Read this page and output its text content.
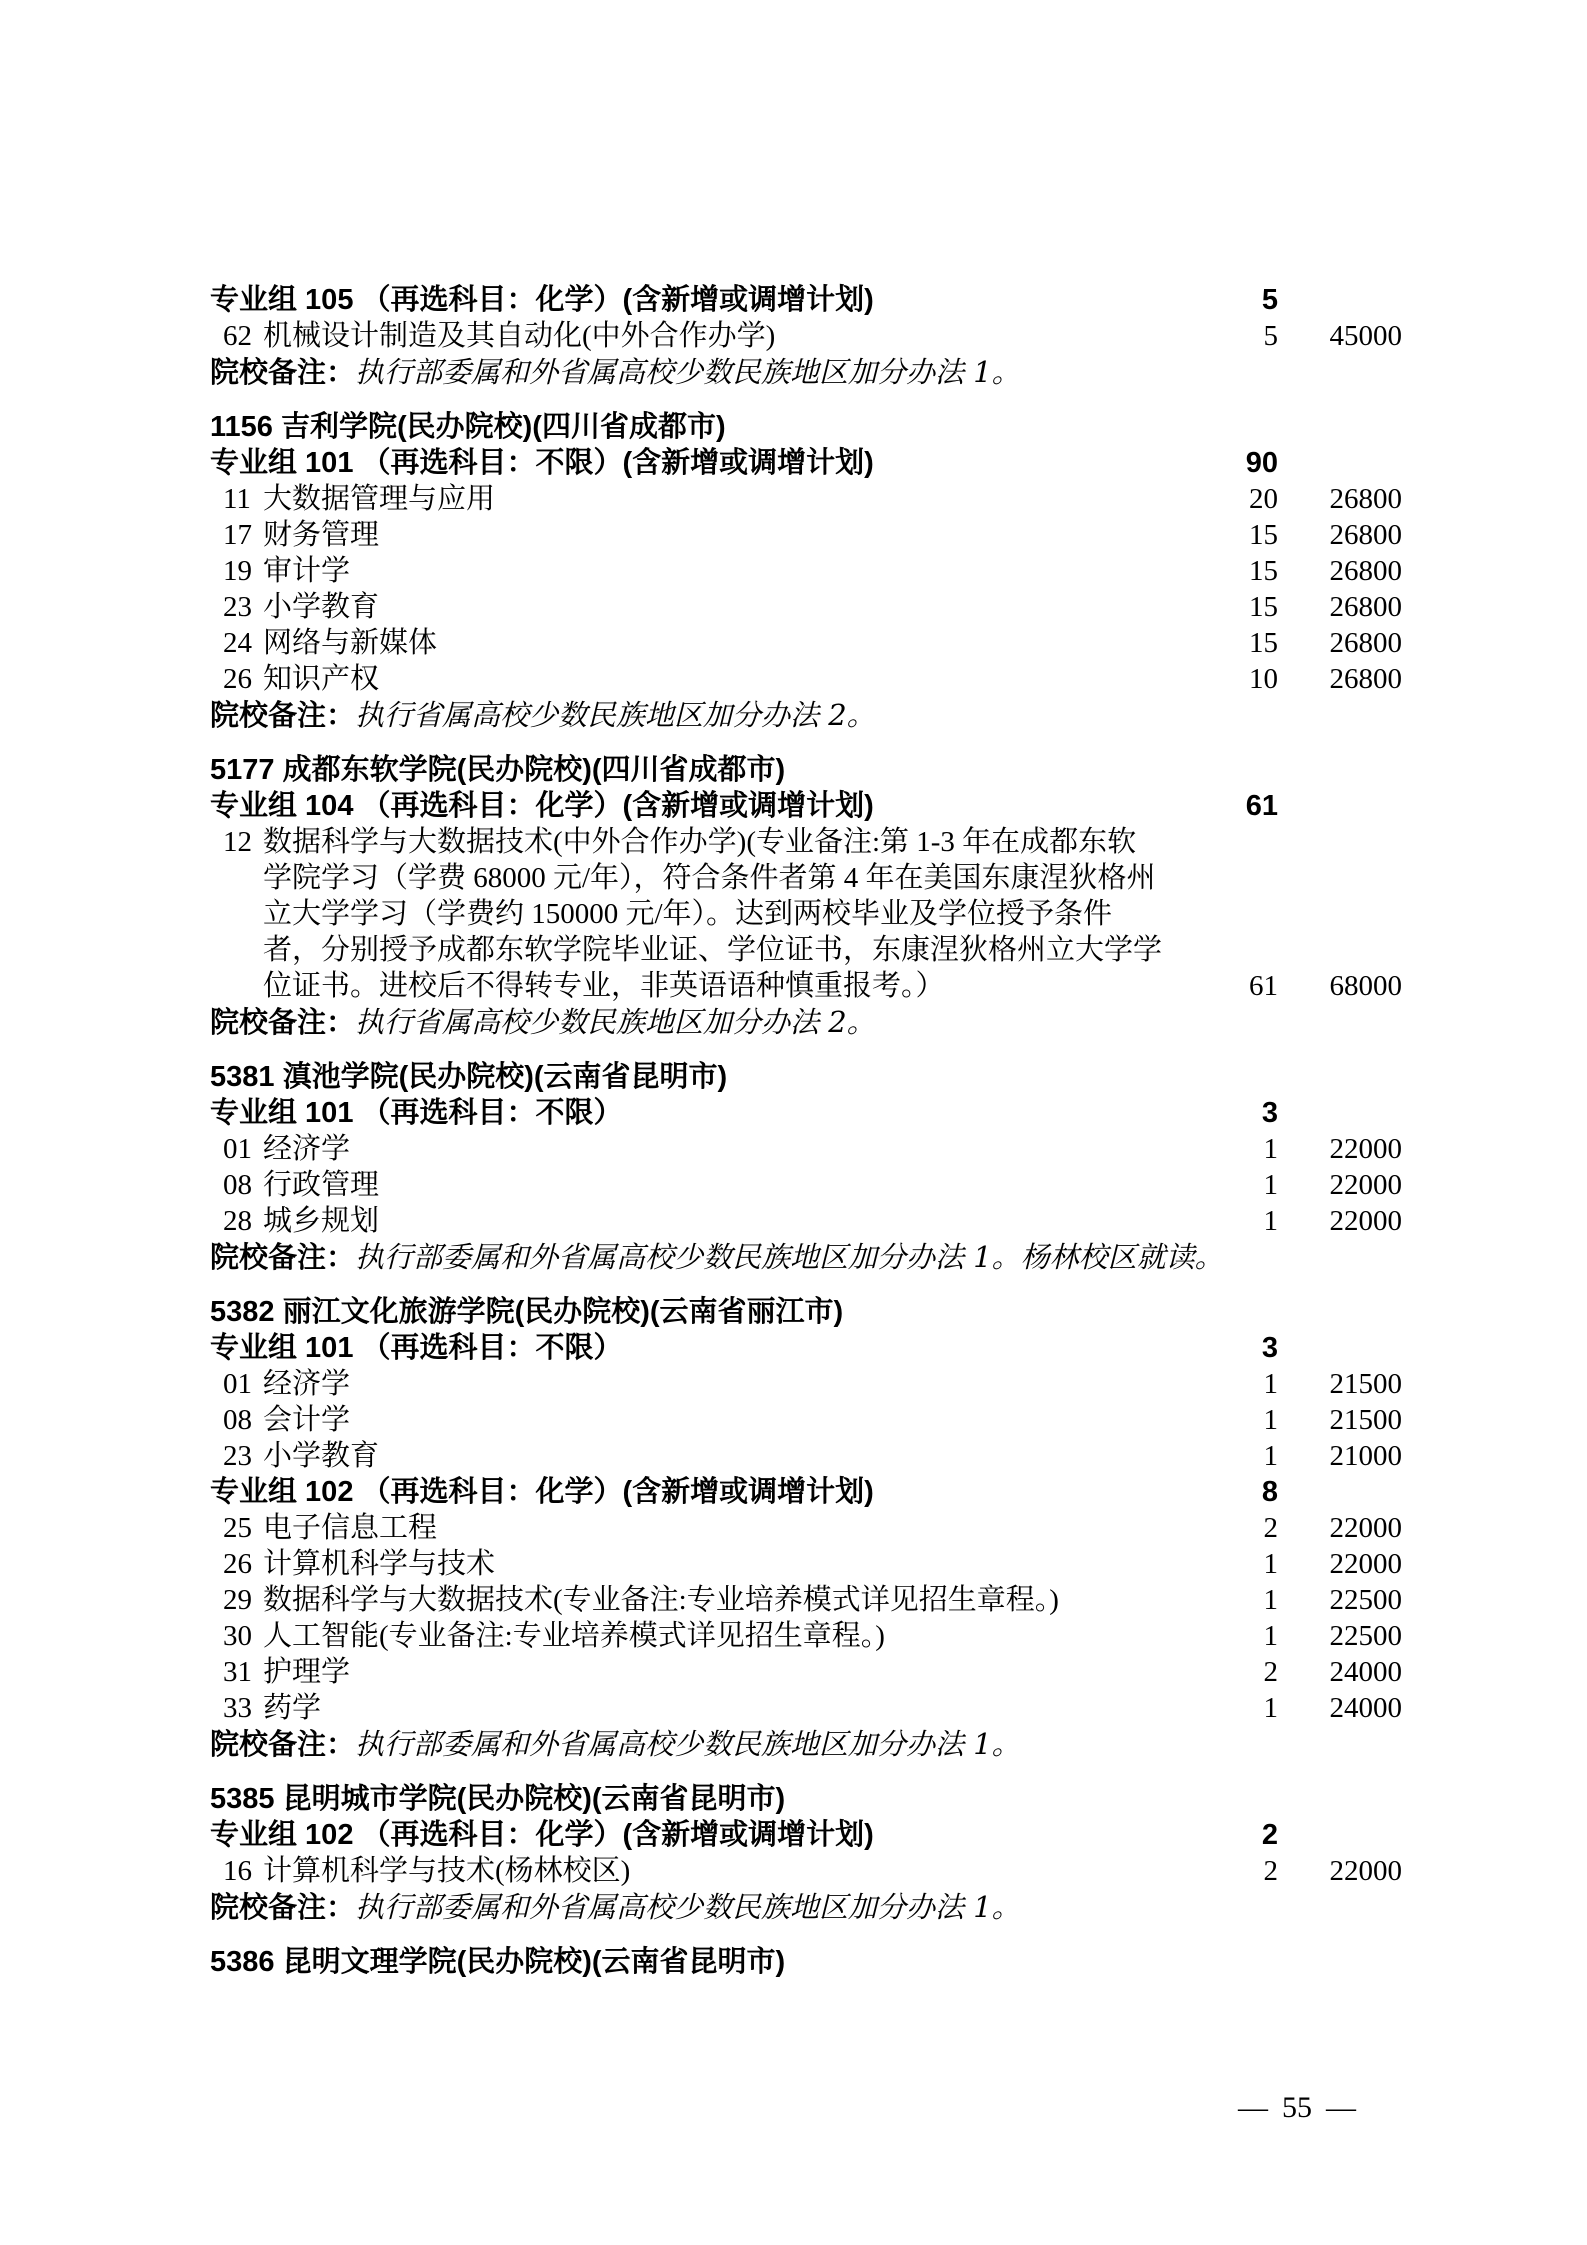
专业组 105 （再选科目：化学）(含新增或调增计划)	5
62 机械设计制造及其自动化(中外合作办学)	5	45000
院校备注：执行部委属和外省属高校少数民族地区加分办法 1。
1156 吉利学院(民办院校)(四川省成都市)
专业组 101 （再选科目：不限）(含新增或调增计划)	90
11 大数据管理与应用	20	26800
17 财务管理	15	26800
19 审计学	15	26800
23 小学教育	15	26800
24 网络与新媒体	15	26800
26 知识产权	10	26800
院校备注：执行省属高校少数民族地区加分办法 2。
5177 成都东软学院(民办院校)(四川省成都市)
专业组 104 （再选科目：化学）(含新增或调增计划)	61
12 数据科学与大数据技术(中外合作办学)(专业备注:第 1-3 年在成都东软
学院学习（学费 68000 元/年），符合条件者第 4 年在美国东康涅狄格州
立大学学习（学费约 150000 元/年）。达到两校毕业及学位授予条件
者，分别授予成都东软学院毕业证、学位证书，东康涅狄格州立大学学
位证书。进校后不得转专业，非英语语种慎重报考。）	61	68000
院校备注：执行省属高校少数民族地区加分办法 2。
5381 滇池学院(民办院校)(云南省昆明市)
专业组 101 （再选科目：不限）	3
01 经济学	1	22000
08 行政管理	1	22000
28 城乡规划	1	22000
院校备注：执行部委属和外省属高校少数民族地区加分办法 1。杨林校区就读。
5382 丽江文化旅游学院(民办院校)(云南省丽江市)
专业组 101 （再选科目：不限）	3
01 经济学	1	21500
08 会计学	1	21500
23 小学教育	1	21000
专业组 102 （再选科目：化学）(含新增或调增计划)	8
25 电子信息工程	2	22000
26 计算机科学与技术	1	22000
29 数据科学与大数据技术(专业备注:专业培养模式详见招生章程。)	1	22500
30 人工智能(专业备注:专业培养模式详见招生章程。)	1	22500
31 护理学	2	24000
33 药学	1	24000
院校备注：执行部委属和外省属高校少数民族地区加分办法 1。
5385 昆明城市学院(民办院校)(云南省昆明市)
专业组 102 （再选科目：化学）(含新增或调增计划)	2
16 计算机科学与技术(杨林校区)	2	22000
院校备注：执行部委属和外省属高校少数民族地区加分办法 1。
5386 昆明文理学院(民办院校)(云南省昆明市)
— 55 —
